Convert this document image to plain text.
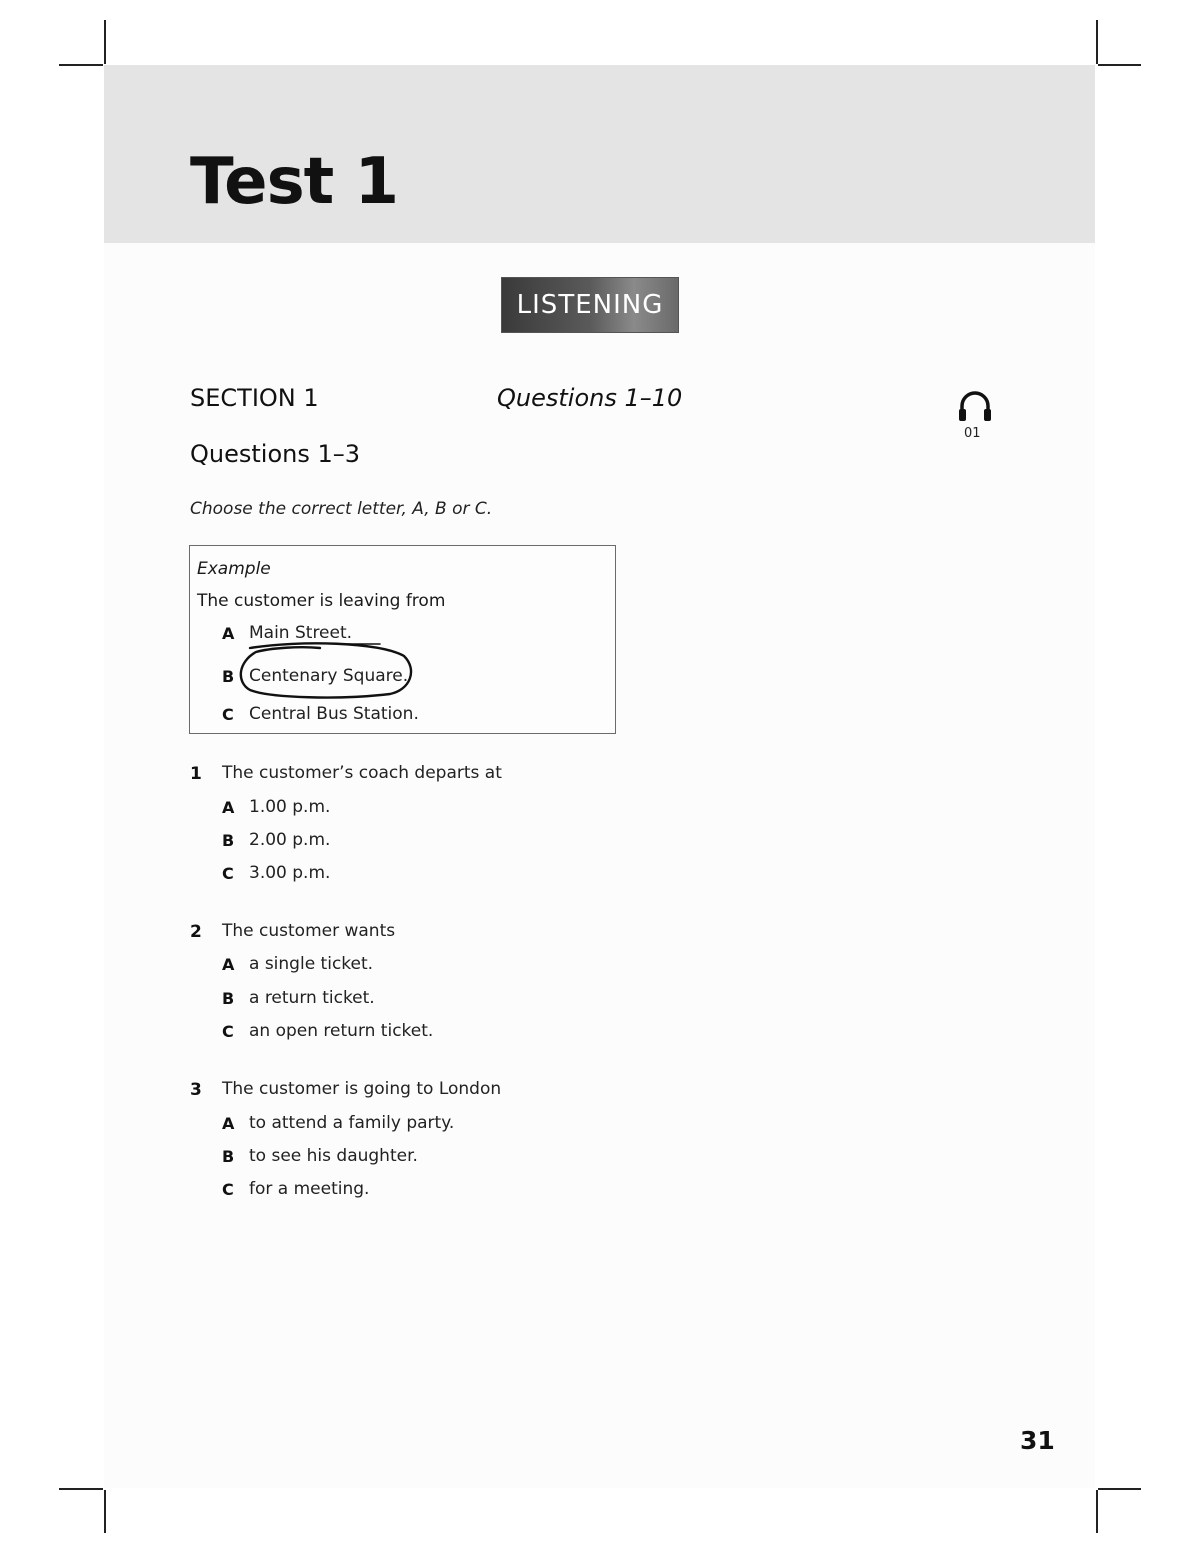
Test 1
LISTENING
SECTION 1	Questions 1–10
01
Questions 1–3
Choose the correct letter, A, B or C.
Example
The customer is leaving from
A Main Street.
B Centenary Square.
C Central Bus Station.
1 The customer’s coach departs at
A 1.00 p.m.
B 2.00 p.m.
C 3.00 p.m.
2 The customer wants
A a single ticket.
B a return ticket.
C an open return ticket.
3 The customer is going to London
A to attend a family party.
B to see his daughter.
C for a meeting.
31
